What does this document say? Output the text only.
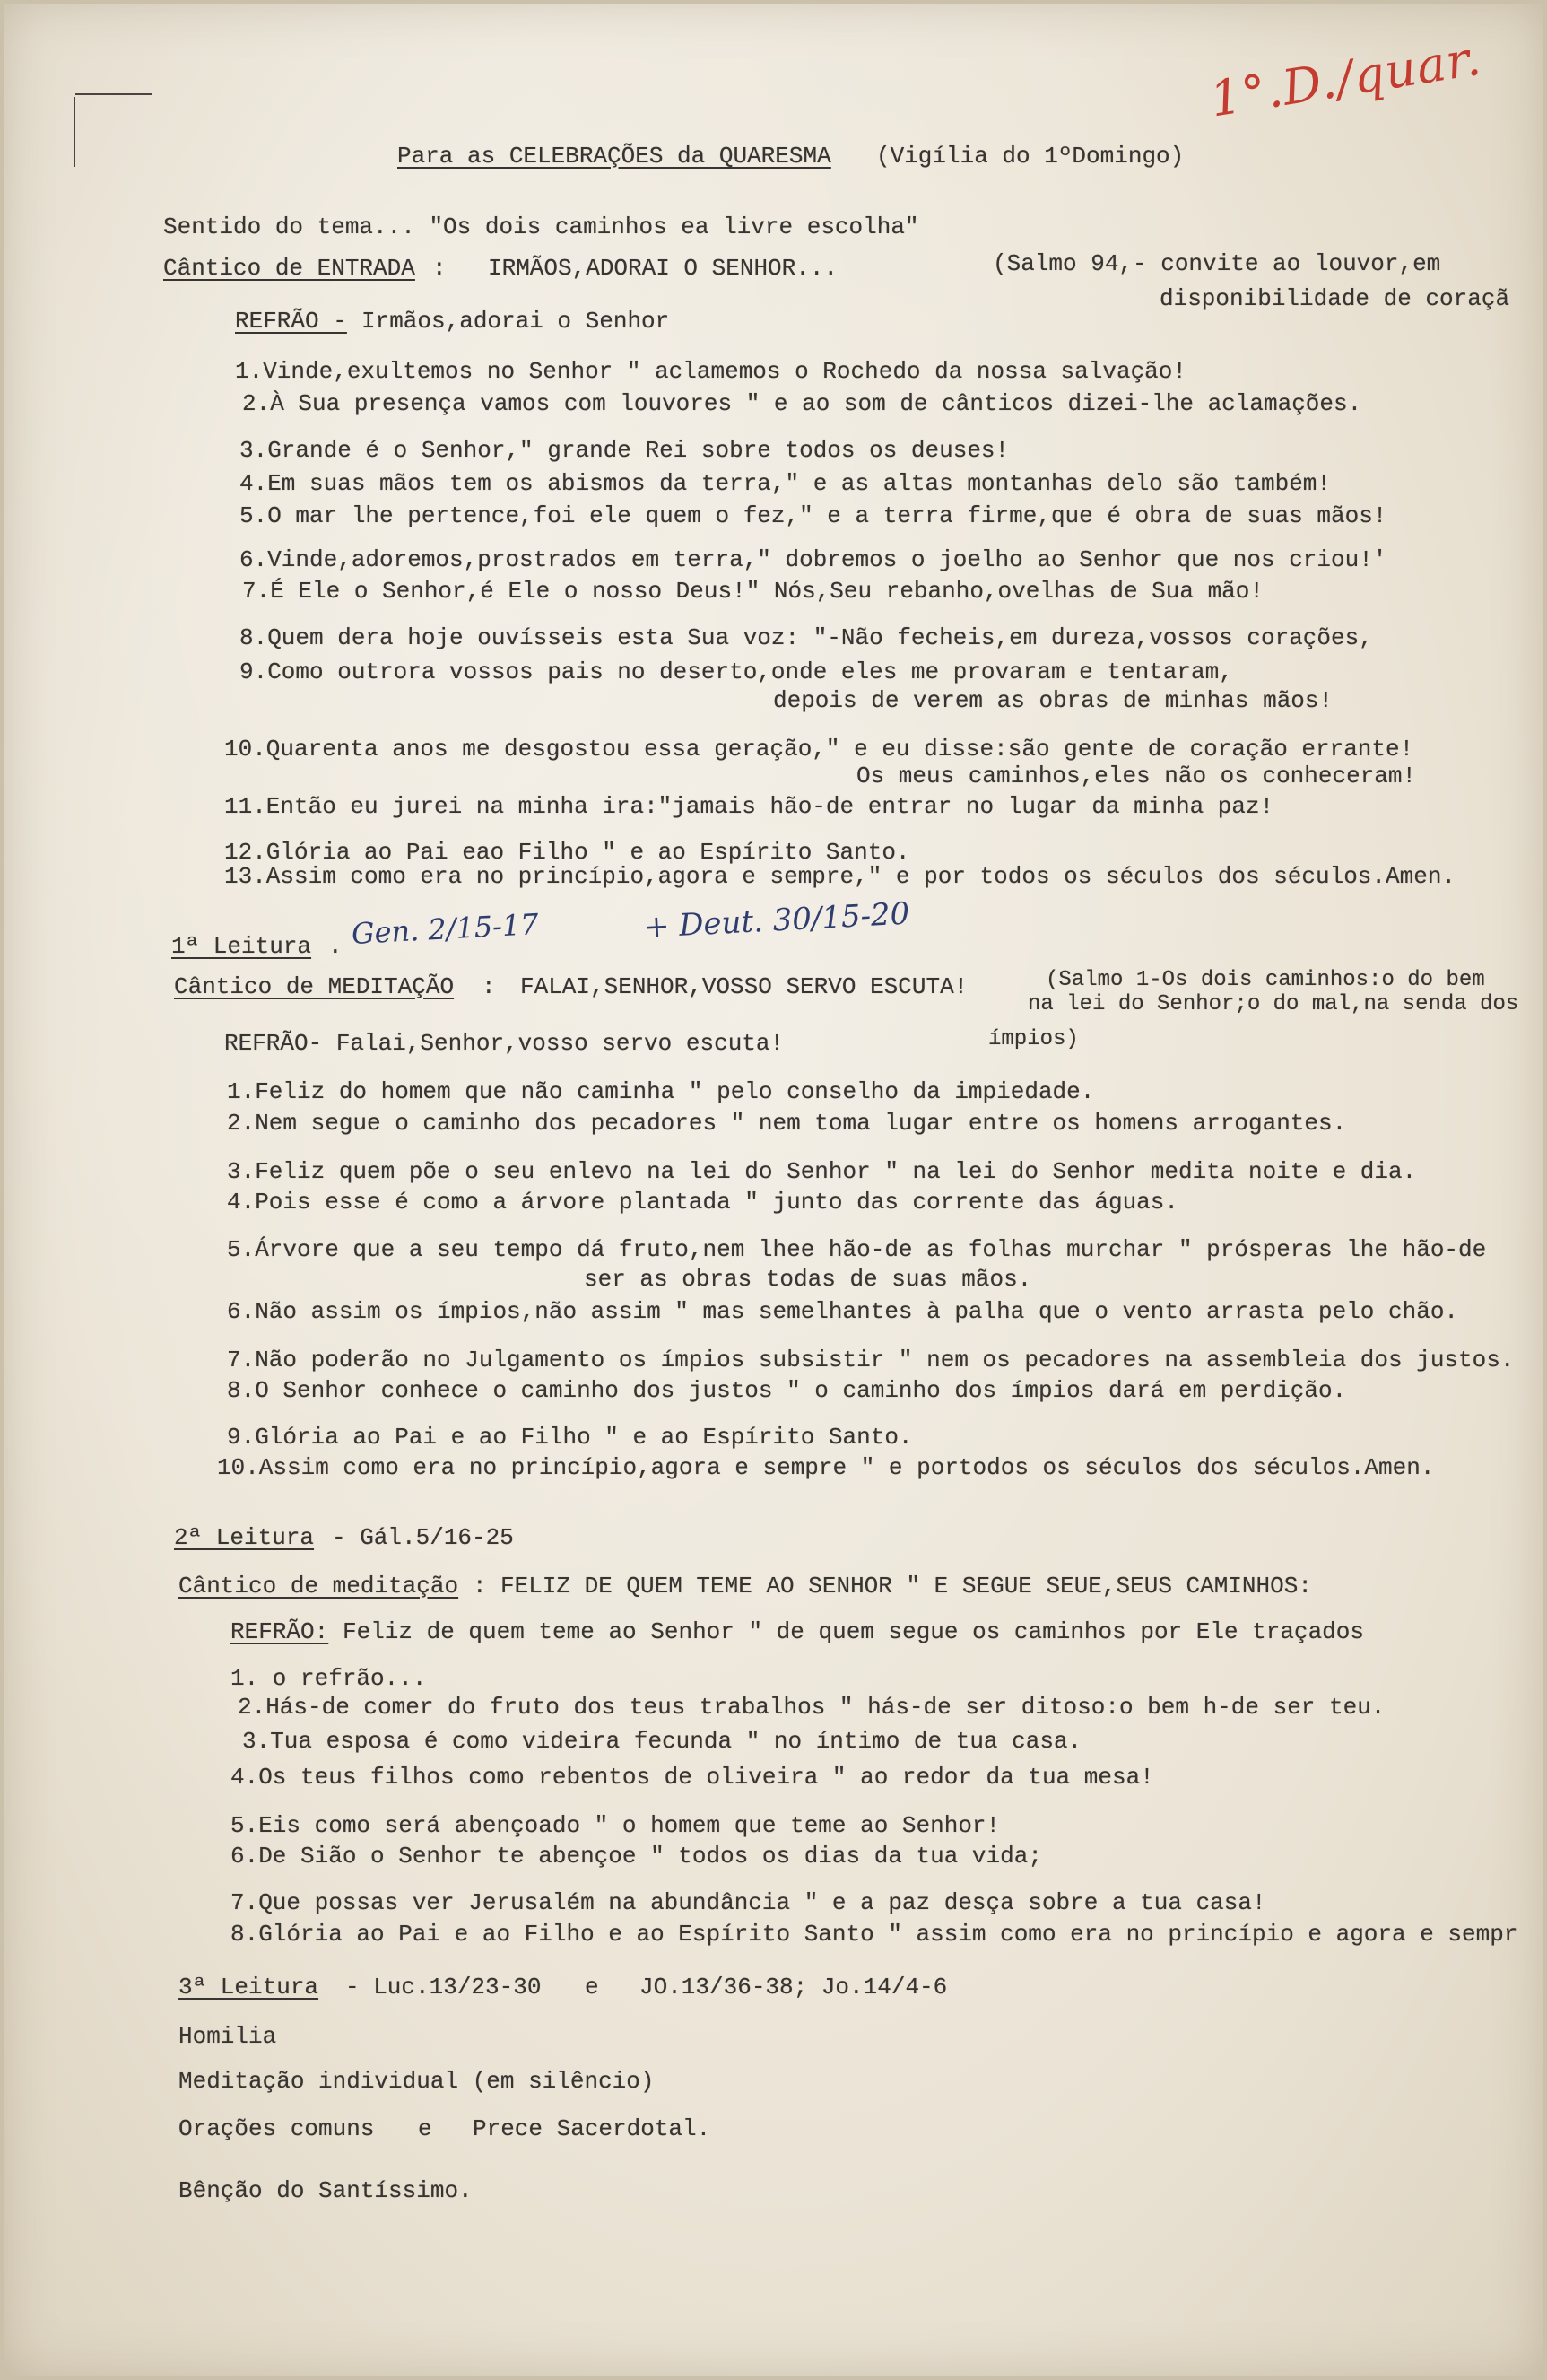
1°.D./quar.
Para as CELEBRAÇÕES da QUARESMA (Vigília do 1ºDomingo)
Sentido do tema... "Os dois caminhos ea livre escolha"
Cântico de ENTRADA : IRMÃOS,ADORAI O SENHOR...	(Salmo 94,- convite ao louvor,em
disponibilidade de coraçã
REFRÃO - Irmãos,adorai o Senhor
1.Vinde,exultemos no Senhor " aclamemos o Rochedo da nossa salvação!
2.À Sua presença vamos com louvores " e ao som de cânticos dizei-lhe aclamações.
3.Grande é o Senhor," grande Rei sobre todos os deuses!
4.Em suas mãos tem os abismos da terra," e as altas montanhas delo são também!
5.O mar lhe pertence,foi ele quem o fez," e a terra firme,que é obra de suas mãos!
6.Vinde,adoremos,prostrados em terra," dobremos o joelho ao Senhor que nos criou!'
7.É Ele o Senhor,é Ele o nosso Deus!" Nós,Seu rebanho,ovelhas de Sua mão!
8.Quem dera hoje ouvísseis esta Sua voz: "-Não fecheis,em dureza,vossos corações,
9.Como outrora vossos pais no deserto,onde eles me provaram e tentaram,
depois de verem as obras de minhas mãos!
10.Quarenta anos me desgostou essa geração," e eu disse:são gente de coração errante!
Os meus caminhos,eles não os conheceram!
11.Então eu jurei na minha ira:"jamais hão-de entrar no lugar da minha paz!
12.Glória ao Pai eao Filho " e ao Espírito Santo.
13.Assim como era no princípio,agora e sempre," e por todos os séculos dos séculos.Amen.
1ª Leitura . Gen. 2/15-17	+ Deut. 30/15-20
Cântico de MEDITAÇÃO : FALAI,SENHOR,VOSSO SERVO ESCUTA!	(Salmo 1-Os dois caminhos:o do bem
na lei do Senhor;o do mal,na senda dos
ímpios)
REFRÃO- Falai,Senhor,vosso servo escuta!
1.Feliz do homem que não caminha " pelo conselho da impiedade.
2.Nem segue o caminho dos pecadores " nem toma lugar entre os homens arrogantes.
3.Feliz quem põe o seu enlevo na lei do Senhor " na lei do Senhor medita noite e dia.
4.Pois esse é como a árvore plantada " junto das corrente das águas.
5.Árvore que a seu tempo dá fruto,nem lhee hão-de as folhas murchar " prósperas lhe hão-de
ser as obras todas de suas mãos.
6.Não assim os ímpios,não assim " mas semelhantes à palha que o vento arrasta pelo chão.
7.Não poderão no Julgamento os ímpios subsistir " nem os pecadores na assembleia dos justos.
8.O Senhor conhece o caminho dos justos " o caminho dos ímpios dará em perdição.
9.Glória ao Pai e ao Filho " e ao Espírito Santo.
10.Assim como era no princípio,agora e sempre " e portodos os séculos dos séculos.Amen.
2ª Leitura - Gál.5/16-25
Cântico de meditação : FELIZ DE QUEM TEME AO SENHOR " E SEGUE SEUE,SEUS CAMINHOS:
REFRÃO: Feliz de quem teme ao Senhor " de quem segue os caminhos por Ele traçados
1. o refrão...
2.Hás-de comer do fruto dos teus trabalhos " hás-de ser ditoso:o bem h-de ser teu.
3.Tua esposa é como videira fecunda " no íntimo de tua casa.
4.Os teus filhos como rebentos de oliveira " ao redor da tua mesa!
5.Eis como será abençoado " o homem que teme ao Senhor!
6.De Sião o Senhor te abençoe " todos os dias da tua vida;
7.Que possas ver Jerusalém na abundância " e a paz desça sobre a tua casa!
8.Glória ao Pai e ao Filho e ao Espírito Santo " assim como era no princípio e agora e sempr
3ª Leitura - Luc.13/23-30 e JO.13/36-38; Jo.14/4-6
Homilia
Meditação individual (em silêncio)
Orações comuns e Prece Sacerdotal.
Bênção do Santíssimo.
